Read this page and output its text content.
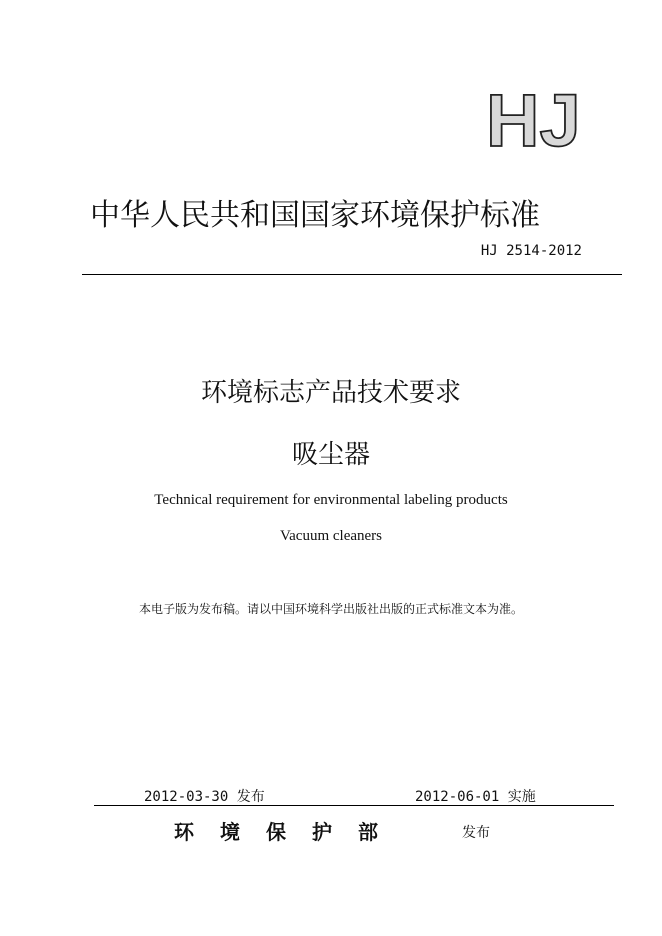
HJ
中华人民共和国国家环境保护标准
HJ 2514-2012
环境标志产品技术要求
吸尘器
Technical requirement for environmental labeling products
Vacuum cleaners
本电子版为发布稿。请以中国环境科学出版社出版的正式标准文本为准。
2012-03-30 发布	2012-06-01 实施
环境保护部	发布
